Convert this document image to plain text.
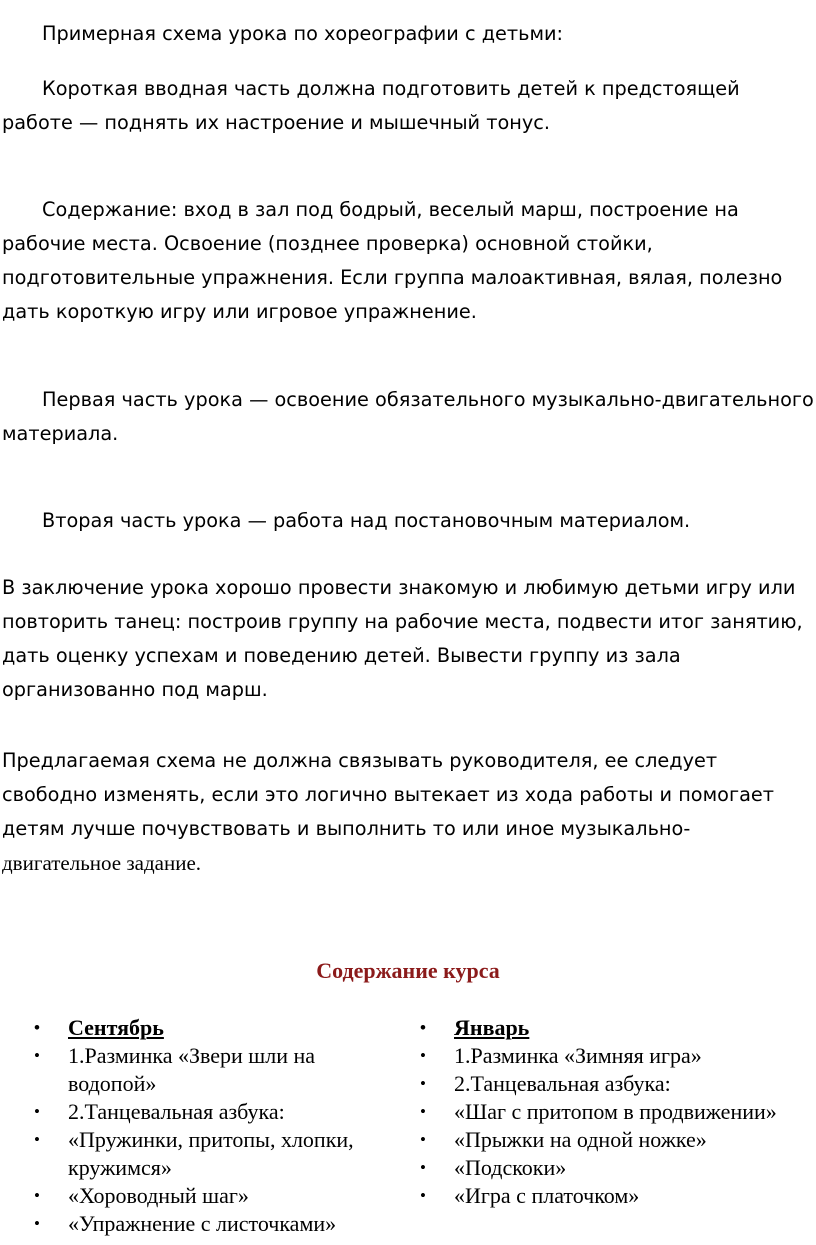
Примерная схема урока по хореографии с детьми:

Короткая вводная часть должна подготовить детей к предстоящей работе — поднять их настроение и мышечный тонус.

Содержание: вход в зал под бодрый, веселый марш, построение на рабочие места. Освоение (позднее проверка) основной стойки, подготовительные упражнения. Если группа малоактивная, вялая, полезно дать короткую игру или игровое упражнение.

Первая часть урока — освоение обязательного музыкально-двигательного материала.

Вторая часть урока — работа над постановочным материалом.

В заключение урока хорошо провести знакомую и любимую детьми игру или повторить танец: построив группу на рабочие места, подвести итог занятию, дать оценку успехам и поведению детей. Вывести группу из зала организованно под марш.

Предлагаемая схема не должна связывать руководителя, ее следует свободно изменять, если это логично вытекает из хода работы и помогает детям лучше почувствовать и выполнить то или иное музыкально-
двигательное задание.

Содержание курса
• Сентябрь
• 1.Разминка «Звери шли на водопой»
• 2.Танцевальная азбука:
• «Пружинки, притопы, хлопки, кружимся»
• «Хороводный шаг»
• «Упражнение с листочками»
• Январь
• 1.Разминка «Зимняя игра»
• 2.Танцевальная азбука:
• «Шаг с притопом в продвижении»
• «Прыжки на одной ножке»
• «Подскоки»
• «Игра с платочком»
